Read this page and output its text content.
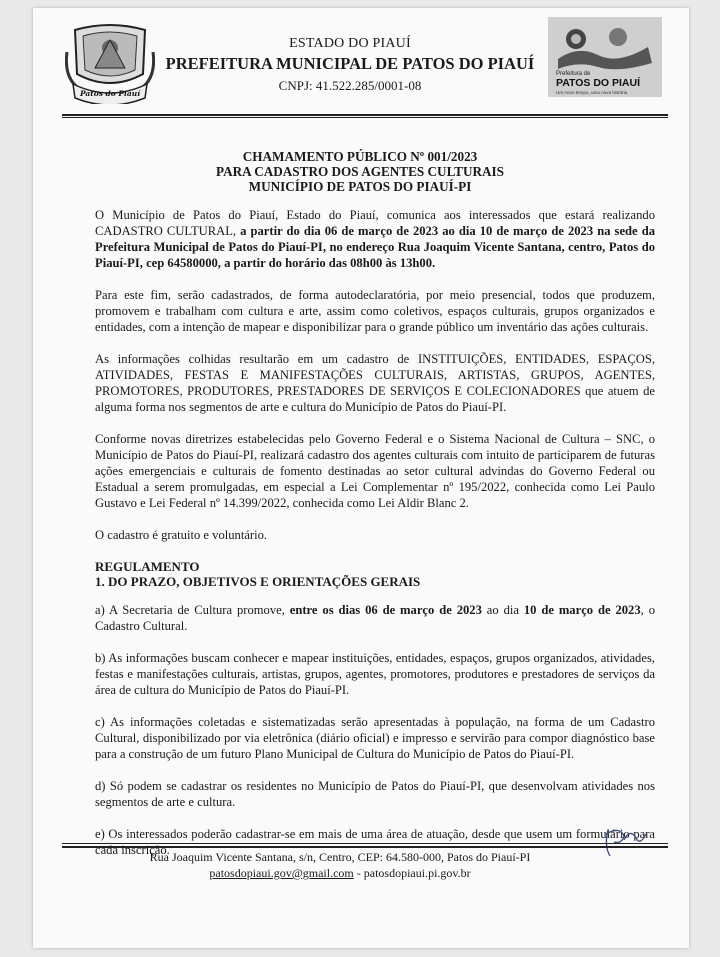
Patos do Piauí
Prefeitura de
PATOS DO PIAUÍ
Um novo tempo, uma nova história
ESTADO DO PIAUÍ
PREFEITURA MUNICIPAL DE PATOS DO PIAUÍ
CNPJ: 41.522.285/0001-08
CHAMAMENTO PÚBLICO Nº 001/2023
PARA CADASTRO DOS AGENTES CULTURAIS
MUNICÍPIO DE PATOS DO PIAUÍ-PI

O Município de Patos do Piauí, Estado do Piauí, comunica aos interessados que estará realizando CADASTRO CULTURAL, a partir do dia 06 de março de 2023 ao dia 10 de março de 2023 na sede da Prefeitura Municipal de Patos do Piauí-PI, no endereço Rua Joaquim Vicente Santana, centro, Patos do Piauí-PI, cep 64580000, a partir do horário das 08h00 às 13h00.

Para este fim, serão cadastrados, de forma autodeclaratória, por meio presencial, todos que produzem, promovem e trabalham com cultura e arte, assim como coletivos, espaços culturais, grupos organizados e entidades, com a intenção de mapear e disponibilizar para o grande público um inventário das ações culturais.

As informações colhidas resultarão em um cadastro de INSTITUIÇÕES, ENTIDADES, ESPAÇOS, ATIVIDADES, FESTAS E MANIFESTAÇÕES CULTURAIS, ARTISTAS, GRUPOS, AGENTES, PROMOTORES, PRODUTORES, PRESTADORES DE SERVIÇOS E COLECIONADORES que atuem de alguma forma nos segmentos de arte e cultura do Município de Patos do Piauí-PI.

Conforme novas diretrizes estabelecidas pelo Governo Federal e o Sistema Nacional de Cultura – SNC, o Município de Patos do Piauí-PI, realizará cadastro dos agentes culturais com intuito de participarem de futuras ações emergenciais e culturais de fomento destinadas ao setor cultural advindas do Governo Federal ou Estadual a serem promulgadas, em especial a Lei Complementar nº 195/2022, conhecida como Lei Paulo Gustavo e Lei Federal nº 14.399/2022, conhecida como Lei Aldir Blanc 2.

O cadastro é gratuito e voluntário.

REGULAMENTO
1. DO PRAZO, OBJETIVOS E ORIENTAÇÕES GERAIS

a) A Secretaria de Cultura promove, entre os dias 06 de março de 2023 ao dia 10 de março de 2023, o Cadastro Cultural.

b) As informações buscam conhecer e mapear instituições, entidades, espaços, grupos organizados, atividades, festas e manifestações culturais, artistas, grupos, agentes, promotores, produtores e prestadores de serviços da área de cultura do Município de Patos do Piauí-PI.

c) As informações coletadas e sistematizadas serão apresentadas à população, na forma de um Cadastro Cultural, disponibilizado por via eletrônica (diário oficial) e impresso e servirão para compor diagnóstico base para a construção de um futuro Plano Municipal de Cultura do Município de Patos do Piauí-PI.

d) Só podem se cadastrar os residentes no Município de Patos do Piauí-PI, que desenvolvam atividades nos segmentos de arte e cultura.

e) Os interessados poderão cadastrar-se em mais de uma área de atuação, desde que usem um formulário para cada inscrição.

Rua Joaquim Vicente Santana, s/n, Centro, CEP: 64.580-000, Patos do Piauí-PI
patosdopiaui.gov@gmail.com - patosdopiaui.pi.gov.br
